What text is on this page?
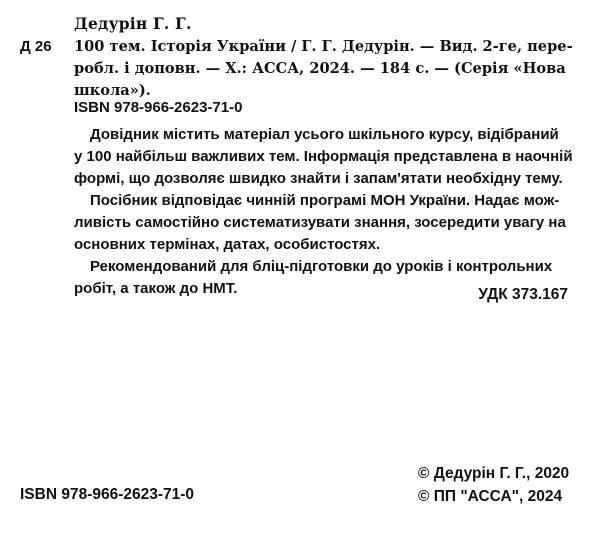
Дедурін Г. Г.
Д 26 100 тем. Історія України / Г. Г. Дедурін. — Вид. 2-ге, пере-
робл. і доповн. — Х.: АССА, 2024. — 184 с. — (Серія «Нова
школа»).
ISBN 978-966-2623-71-0
Довідник містить матеріал усього шкільного курсу, відібраний
у 100 найбільш важливих тем. Інформація представлена в наочній
формі, що дозволяє швидко знайти і запам'ятати необхідну тему.
Посібник відповідає чинній програмі МОН України. Надає мож-
ливість самостійно систематизувати знання, зосередити увагу на
основних термінах, датах, особистостях.
Рекомендований для бліц-підготовки до уроків і контрольних
робіт, а також до НМТ.	УДК 373.167
ISBN 978-966-2623-71-0
© Дедурін Г. Г., 2020
© ПП "АССА", 2024
